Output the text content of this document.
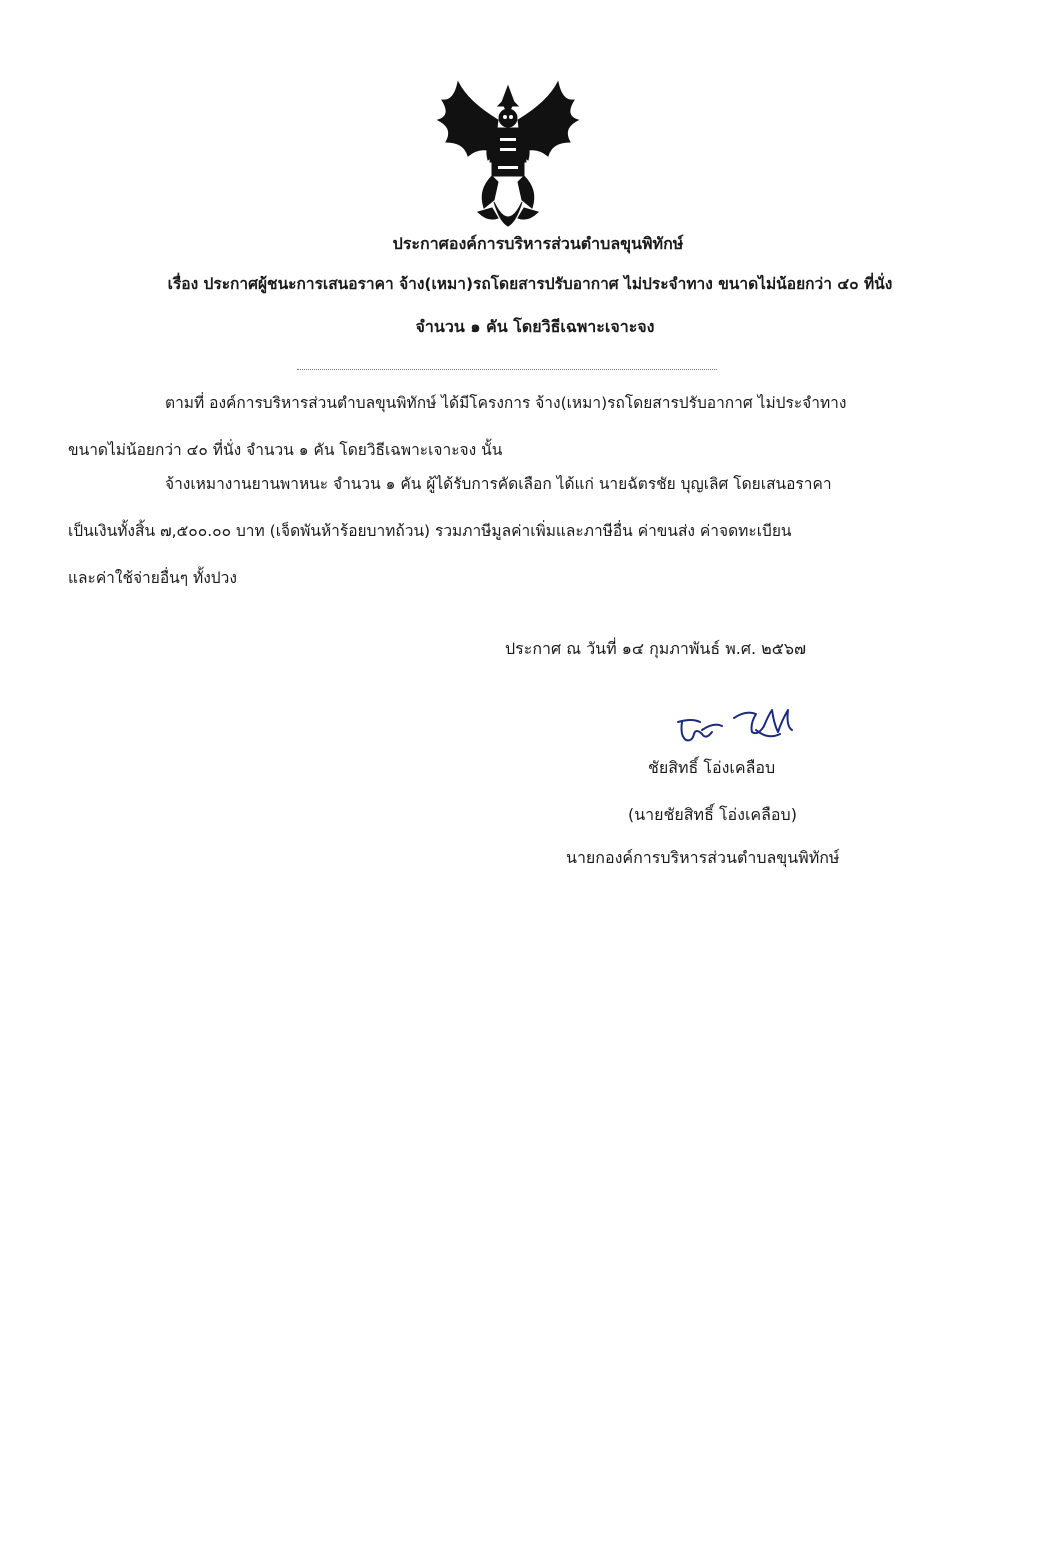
ประกาศองค์การบริหารส่วนตำบลขุนพิทักษ์
เรื่อง ประกาศผู้ชนะการเสนอราคา จ้าง(เหมา)รถโดยสารปรับอากาศ ไม่ประจำทาง ขนาดไม่น้อยกว่า ๔๐ ที่นั่ง
จำนวน ๑ คัน โดยวิธีเฉพาะเจาะจง
ตามที่ องค์การบริหารส่วนตำบลขุนพิทักษ์ ได้มีโครงการ จ้าง(เหมา)รถโดยสารปรับอากาศ ไม่ประจำทาง
ขนาดไม่น้อยกว่า ๔๐ ที่นั่ง จำนวน ๑ คัน โดยวิธีเฉพาะเจาะจง นั้น
จ้างเหมางานยานพาหนะ จำนวน ๑ คัน ผู้ได้รับการคัดเลือก ได้แก่ นายฉัตรชัย บุญเลิศ โดยเสนอราคา
เป็นเงินทั้งสิ้น ๗,๕๐๐.๐๐ บาท (เจ็ดพันห้าร้อยบาทถ้วน) รวมภาษีมูลค่าเพิ่มและภาษีอื่น ค่าขนส่ง ค่าจดทะเบียน
และค่าใช้จ่ายอื่นๆ ทั้งปวง
ประกาศ ณ วันที่ ๑๔ กุมภาพันธ์ พ.ศ. ๒๕๖๗
ชัยสิทธิ์ โอ่งเคลือบ
(นายชัยสิทธิ์ โอ่งเคลือบ)
นายกองค์การบริหารส่วนตำบลขุนพิทักษ์
